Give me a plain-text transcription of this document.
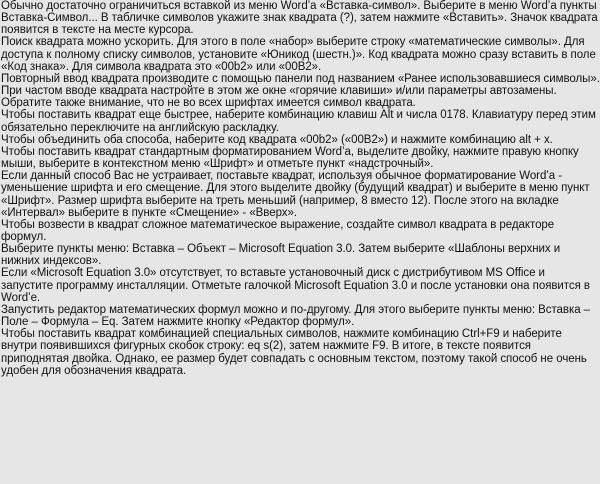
Обычно достаточно ограничиться вставкой из меню Word’а «Вставка-символ». Выберите в меню Word’а пункты Вставка-Символ... В табличке символов укажите знак квадрата (?), затем нажмите «Вставить». Значок квадрата появится в тексте на месте курсора.

Поиск квадрата можно ускорить. Для этого в поле «набор» выберите строку «математические символы». Для доступа к полному списку символов, установите «Юникод (шестн.)». Код квадрата можно сразу вставить в поле «Код знака». Для символа квадрата это «00b2» или «00B2».

Повторный ввод квадрата производите с помощью панели под названием «Ранее использовавшиеся символы».

При частом вводе квадрата настройте в этом же окне «горячие клавиши» и/или параметры автозамены.

Обратите также внимание, что не во всех шрифтах имеется символ квадрата.

Чтобы поставить квадрат еще быстрее, наберите комбинацию клавиш Alt и числа 0178. Клавиатуру перед этим обязательно переключите на английскую раскладку.

Чтобы объединить оба способа, наберите код квадрата «00b2» («00B2») и нажмите комбинацию alt + x.

Чтобы поставить квадрат стандартным форматированием Word’а, выделите двойку, нажмите правую кнопку мыши, выберите в контекстном меню «Шрифт» и отметьте пункт «надстрочный».

Если данный способ Вас не устраивает, поставьте квадрат, используя обычное форматирование Word’а - уменьшение шрифта и его смещение. Для этого выделите двойку (будущий квадрат) и выберите в меню пункт «Шрифт». Размер шрифта выберите на треть меньший (например, 8 вместо 12). После этого на вкладке «Интервал» выберите в пункте «Смещение» - «Вверх».

Чтобы возвести в квадрат сложное математическое выражение, создайте символ квадрата в редакторе формул.

Выберите пункты меню: Вставка – Объект – Microsoft Equation 3.0. Затем выберите «Шаблоны верхних и нижних индексов».

Если «Microsoft Equation 3.0» отсутствует, то вставьте установочный диск с дистрибутивом MS Office и запустите программу инсталляции. Отметьте галочкой Microsoft Equation 3.0 и после установки она появится в Word’е.

Запустить редактор математических формул можно и по-другому. Для этого выберите пункты меню: Вставка – Поле – Формула – Eq. Затем нажмите кнопку «Редактор формул».

Чтобы поставить квадрат комбинацией специальных символов, нажмите комбинацию Ctrl+F9 и наберите внутри появившихся фигурных скобок строку: eq s(2), затем нажмите F9. В итоге, в тексте появится приподнятая двойка. Однако, ее размер будет совпадать с основным текстом, поэтому такой способ не очень удобен для обозначения квадрата.
